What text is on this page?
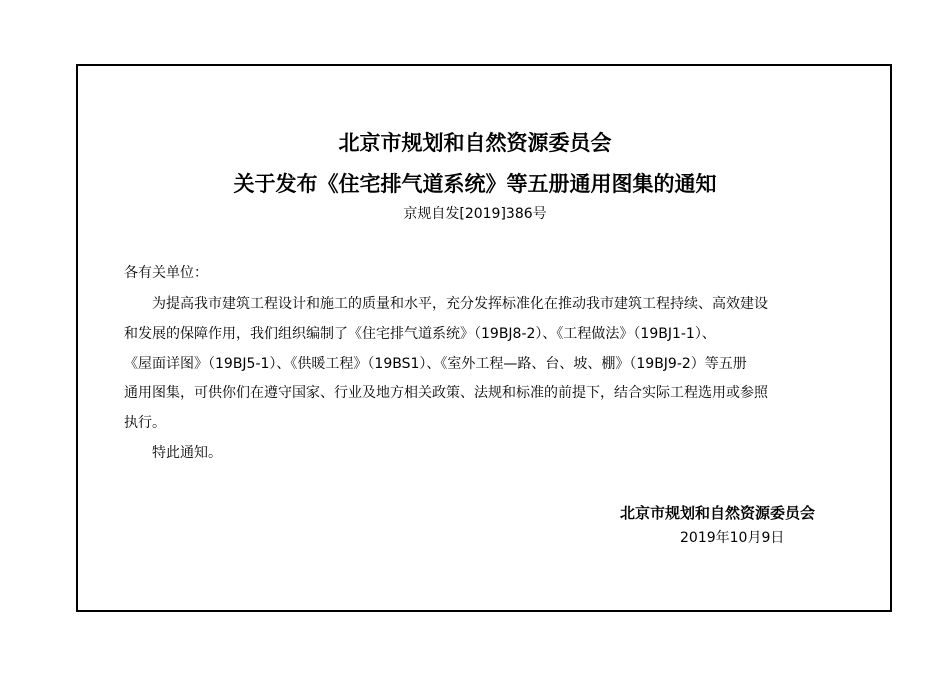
北京市规划和自然资源委员会
关于发布《住宅排气道系统》等五册通用图集的通知
京规自发[2019]386号
各有关单位：
为提高我市建筑工程设计和施工的质量和水平，充分发挥标准化在推动我市建筑工程持续、高效建设
和发展的保障作用，我们组织编制了《住宅排气道系统》（19BJ8-2）、《工程做法》（19BJ1-1）、
《屋面详图》（19BJ5-1）、《供暖工程》（19BS1）、《室外工程—路、台、坡、棚》（19BJ9-2）等五册
通用图集，可供你们在遵守国家、行业及地方相关政策、法规和标准的前提下，结合实际工程选用或参照
执行。
特此通知。
北京市规划和自然资源委员会
2019年10月9日
